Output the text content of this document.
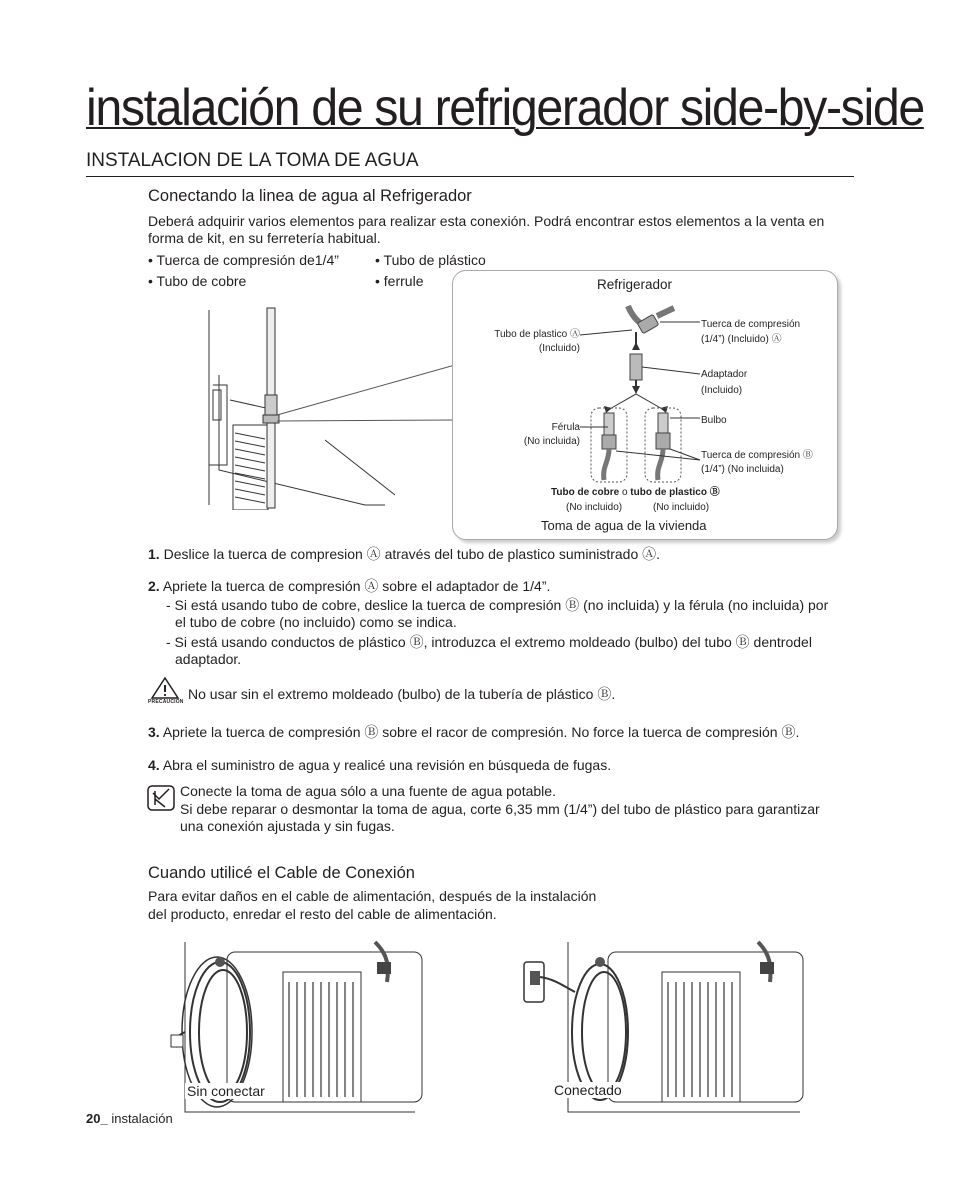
instalación de su refrigerador side-by-side
INSTALACION DE LA TOMA DE AGUA
Conectando la linea de agua al Refrigerador
Deberá adquirir varios elementos para realizar esta conexión. Podrá encontrar estos elementos a la venta en forma de kit, en su ferretería habitual.
• Tuerca de compresión de1/4”	• Tubo de plástico
• Tubo de cobre	• ferrule	Refrigerador
Tubo de plastico Ⓐ
(Incluido)
Tuerca de compresión
(1/4”) (Incluido) Ⓐ
Adaptador
(Incluido)
Bulbo
Férula
(No incluida)
Tuerca de compresión Ⓑ
(1/4”) (No incluida)
Tubo de cobre o tubo de plastico Ⓑ
(No incluido)	(No incluido)
Toma de agua de la vivienda
1. Deslice la tuerca de compresion Ⓐ através del tubo de plastico suministrado Ⓐ.
2. Apriete la tuerca de compresión Ⓐ sobre el adaptador de 1/4”.
- Si está usando tubo de cobre, deslice la tuerca de compresión Ⓑ (no incluida) y la férula (no incluida) por el tubo de cobre (no incluido) como se indica.
- Si está usando conductos de plástico Ⓑ, introduzca el extremo moldeado (bulbo) del tubo Ⓑ dentrodel adaptador.
PRECAUCION No usar sin el extremo moldeado (bulbo) de la tubería de plástico Ⓑ.
3. Apriete la tuerca de compresión Ⓑ sobre el racor de compresión. No force la tuerca de compresión Ⓑ.
4. Abra el suministro de agua y realicé una revisión en búsqueda de fugas.
Conecte la toma de agua sólo a una fuente de agua potable.
Si debe reparar o desmontar la toma de agua, corte 6,35 mm (1/4”) del tubo de plástico para garantizar una conexión ajustada y sin fugas.
Cuando utilicé el Cable de Conexión
Para evitar daños en el cable de alimentación, después de la instalación
del producto, enredar el resto del cable de alimentación.
Sin conectar	Conectado
20_ instalación
